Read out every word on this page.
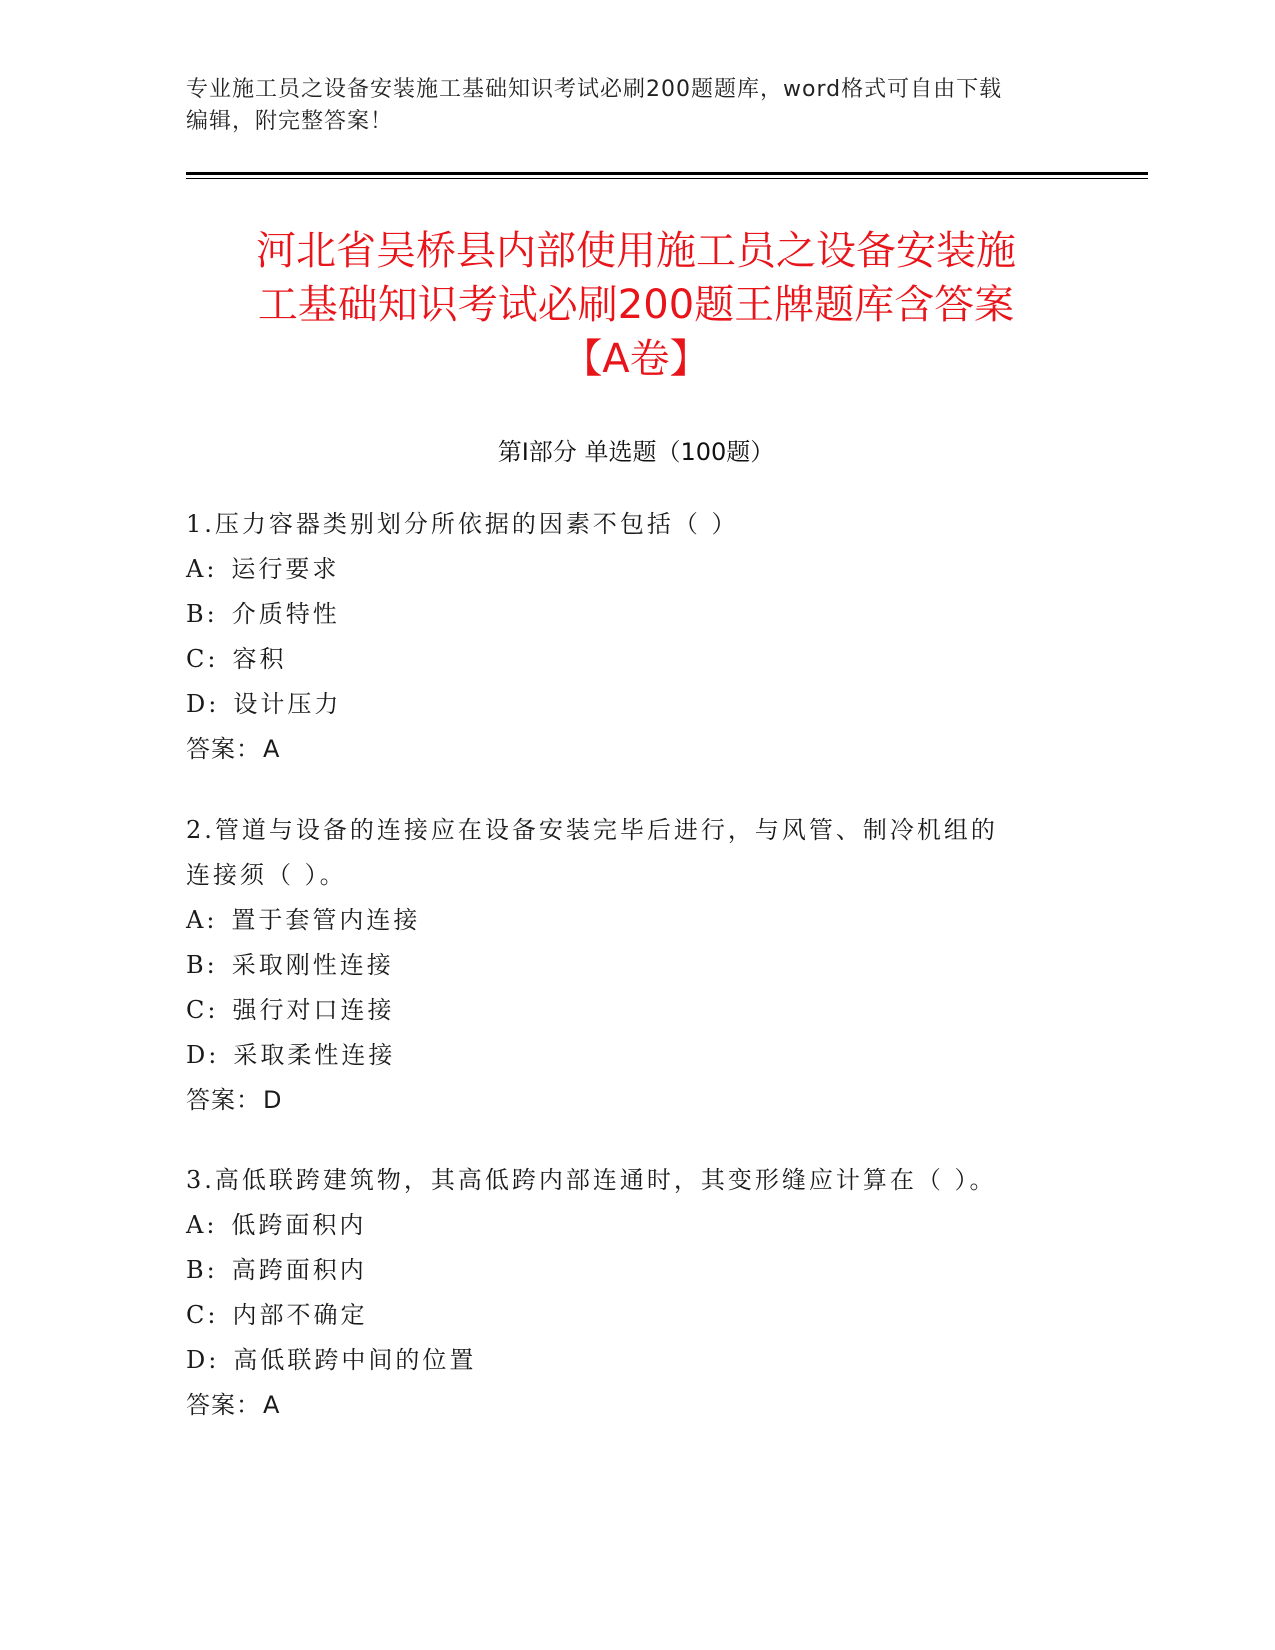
专业施工员之设备安装施工基础知识考试必刷200题题库，word格式可自由下载
编辑，附完整答案！
河北省吴桥县内部使用施工员之设备安装施
工基础知识考试必刷200题王牌题库含答案
【A卷】
第Ⅰ部分 单选题（100题）
1.压力容器类别划分所依据的因素不包括（ ）
A: 运行要求
B: 介质特性
C: 容积
D: 设计压力
答案：A
2.管道与设备的连接应在设备安装完毕后进行，与风管、制冷机组的
连接须（ ）。
A: 置于套管内连接
B: 采取刚性连接
C: 强行对口连接
D: 采取柔性连接
答案：D
3.高低联跨建筑物，其高低跨内部连通时，其变形缝应计算在（ ）。
A: 低跨面积内
B: 高跨面积内
C: 内部不确定
D: 高低联跨中间的位置
答案：A
